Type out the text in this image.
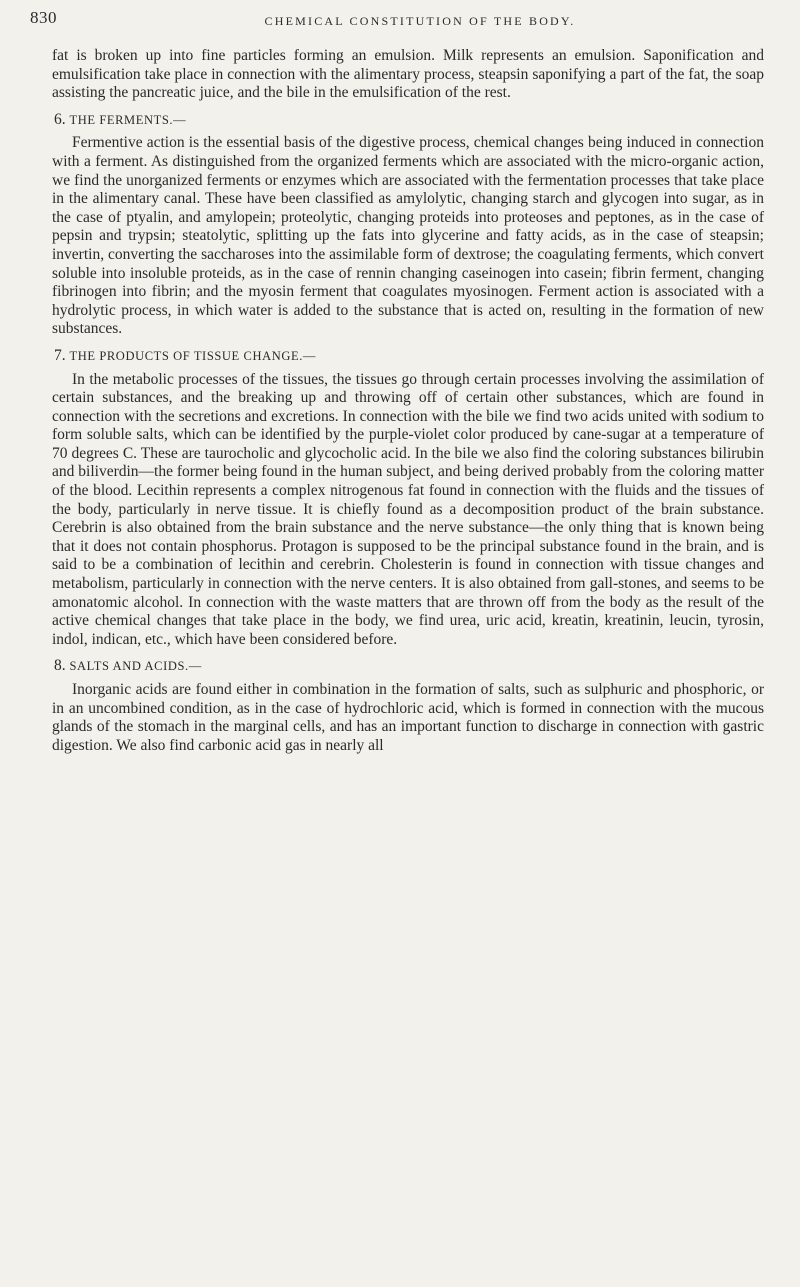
830	CHEMICAL CONSTITUTION OF THE BODY.

fat is broken up into fine particles forming an emulsion. Milk represents an emulsion. Saponification and emulsification take place in connection with the alimentary process, steapsin saponifying a part of the fat, the soap assisting the pancreatic juice, and the bile in the emulsification of the rest.

6. THE FERMENTS.—

Fermentive action is the essential basis of the digestive process, chemical changes being induced in connection with a ferment. As distinguished from the organized ferments which are associated with the micro-organic action, we find the unorganized ferments or enzymes which are associated with the fermentation processes that take place in the alimentary canal. These have been classified as amylolytic, changing starch and glycogen into sugar, as in the case of ptyalin, and amylopein; proteolytic, changing proteids into proteoses and peptones, as in the case of pepsin and trypsin; steatolytic, splitting up the fats into glycerine and fatty acids, as in the case of steapsin; invertin, converting the saccharoses into the assimilable form of dextrose; the coagulating ferments, which convert soluble into insoluble proteids, as in the case of rennin changing caseinogen into casein; fibrin ferment, changing fibrinogen into fibrin; and the myosin ferment that coagulates myosinogen. Ferment action is associated with a hydrolytic process, in which water is added to the substance that is acted on, resulting in the formation of new substances.

7. THE PRODUCTS OF TISSUE CHANGE.—

In the metabolic processes of the tissues, the tissues go through certain processes involving the assimilation of certain substances, and the breaking up and throwing off of certain other substances, which are found in connection with the secretions and excretions. In connection with the bile we find two acids united with sodium to form soluble salts, which can be identified by the purple-violet color produced by cane-sugar at a temperature of 70 degrees C. These are taurocholic and glycocholic acid. In the bile we also find the coloring substances bilirubin and biliverdin—the former being found in the human subject, and being derived probably from the coloring matter of the blood. Lecithin represents a complex nitrogenous fat found in connection with the fluids and the tissues of the body, particularly in nerve tissue. It is chiefly found as a decomposition product of the brain substance. Cerebrin is also obtained from the brain substance and the nerve substance—the only thing that is known being that it does not contain phosphorus. Protagon is supposed to be the principal substance found in the brain, and is said to be a combination of lecithin and cerebrin. Cholesterin is found in connection with tissue changes and metabolism, particularly in connection with the nerve centers. It is also obtained from gall-stones, and seems to be amonatomic alcohol. In connection with the waste matters that are thrown off from the body as the result of the active chemical changes that take place in the body, we find urea, uric acid, kreatin, kreatinin, leucin, tyrosin, indol, indican, etc., which have been considered before.

8. SALTS AND ACIDS.—

Inorganic acids are found either in combination in the formation of salts, such as sulphuric and phosphoric, or in an uncombined condition, as in the case of hydrochloric acid, which is formed in connection with the mucous glands of the stomach in the marginal cells, and has an important function to discharge in connection with gastric digestion. We also find carbonic acid gas in nearly all
